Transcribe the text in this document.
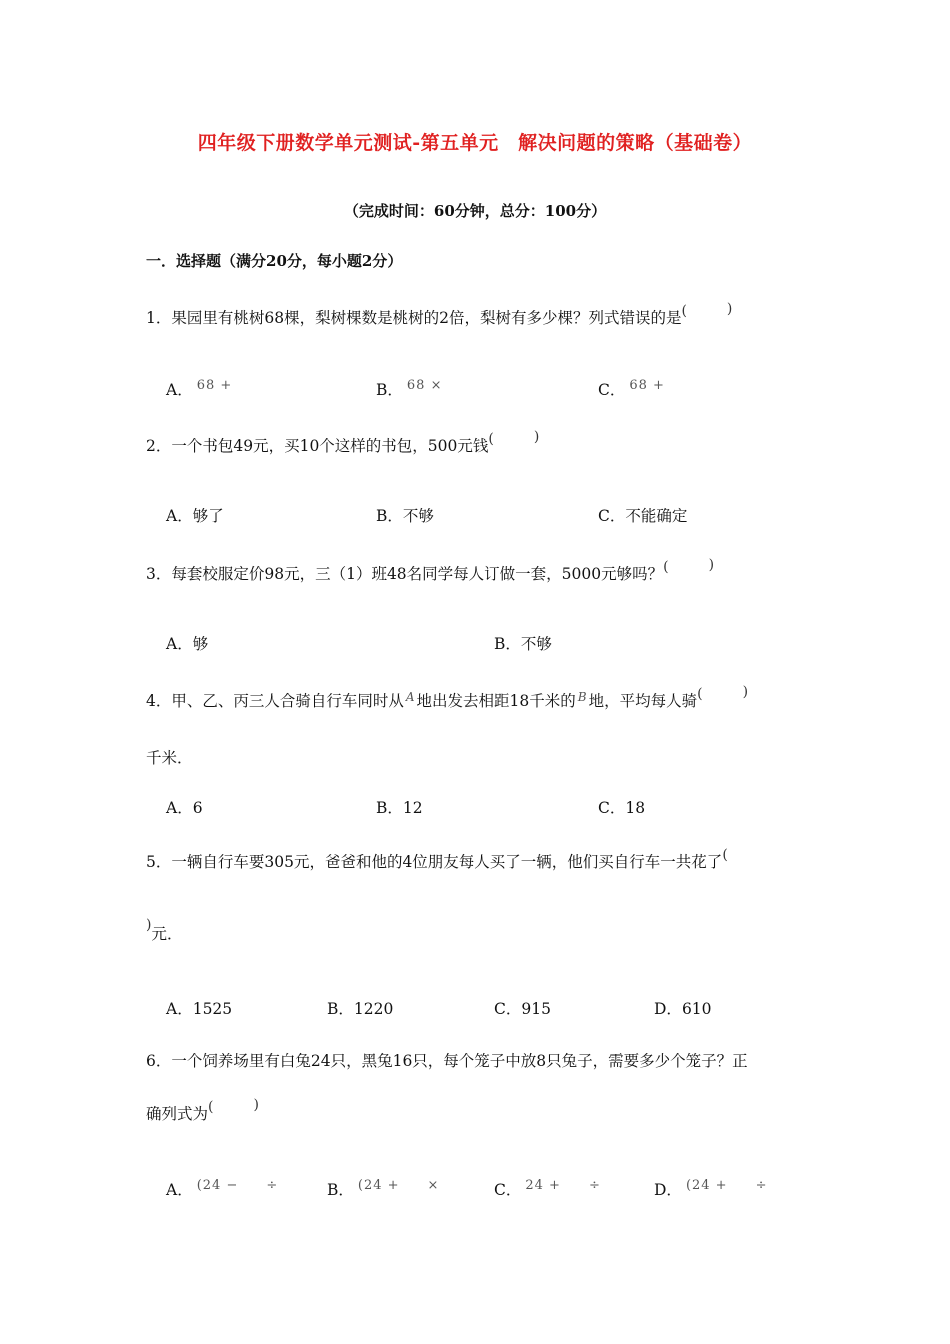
四年级下册数学单元测试-第五单元　解决问题的策略（基础卷）
（完成时间：60分钟，总分：100分）
一．选择题（满分20分，每小题2分）
1．果园里有桃树68棵，梨树棵数是桃树的2倍，梨树有多少棵？列式错误的是(	)
A． $^{68 +}$	B． $^{68 \times}$	C． $^{68 +}$
2．一个书包49元，买10个这样的书包，500元钱(	)
A．够了	B．不够	C．不能确定
3．每套校服定价98元，三（1）班48名同学每人订做一套，5000元够吗？(	)
A．够	B．不够
4．甲、乙、丙三人合骑自行车同时从 $^A$ 地出发去相距18千米的 $^B$ 地，平均每人骑(	)
千米．
A．6	B．12	C．18
5．一辆自行车要305元，爸爸和他的4位朋友每人买了一辆，他们买自行车一共花了(
)元．
A．1525	B．1220	C．915	D．610
6．一个饲养场里有白兔24只，黑兔16只，每个笼子中放8只兔子，需要多少个笼子？正
确列式为(	)
A． $^{(24 - \div}$	B． $^{(24 + \times}$	C． $^{24 + \div}$	D． $^{(24 + \div}$
